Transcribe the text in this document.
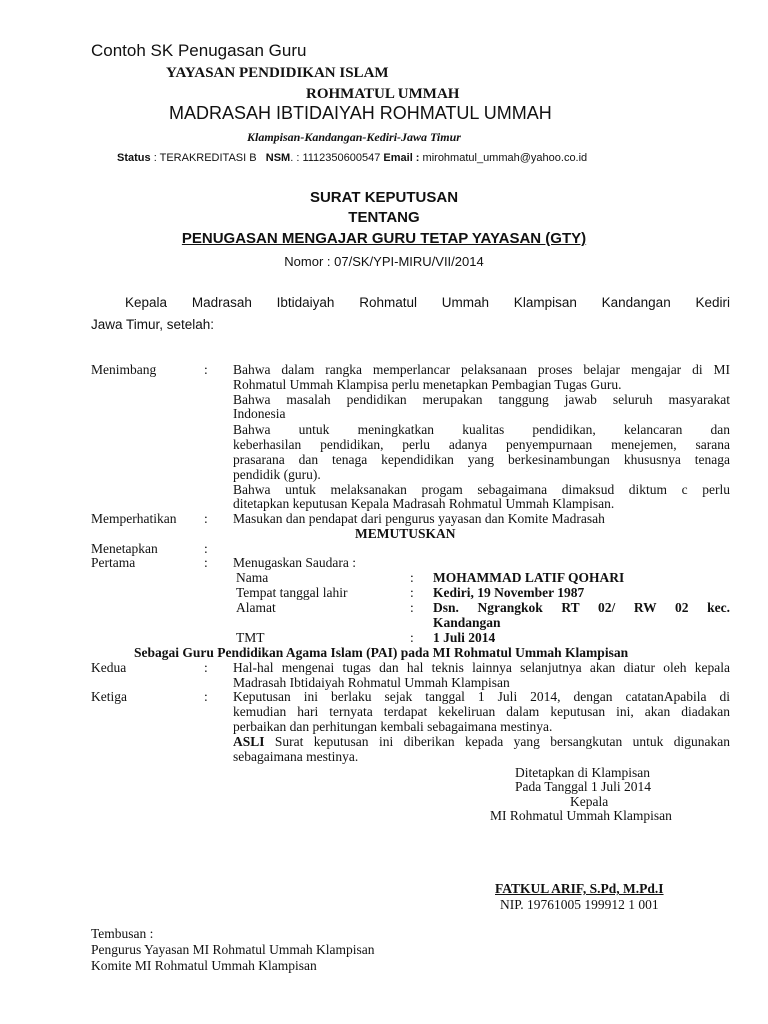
Contoh SK Penugasan Guru
YAYASAN PENDIDIKAN ISLAM
ROHMATUL UMMAH
MADRASAH IBTIDAIYAH ROHMATUL UMMAH
Klampisan-Kandangan-Kediri-Jawa Timur
Status : TERAKREDITASI B NSM. : 1112350600547 Email : mirohmatul_ummah@yahoo.co.id
SURAT KEPUTUSAN
TENTANG
PENUGASAN MENGAJAR GURU TETAP YAYASAN (GTY)
Nomor : 07/SK/YPI-MIRU/VII/2014
Kepala Madrasah Ibtidaiyah Rohmatul Ummah Klampisan Kandangan Kediri
Jawa Timur, setelah:
Menimbang	: Bahwa dalam rangka memperlancar pelaksanaan proses belajar mengajar di MI
Rohmatul Ummah Klampisa perlu menetapkan Pembagian Tugas Guru.
Bahwa masalah pendidikan merupakan tanggung jawab seluruh masyarakat
Indonesia
Bahwa untuk meningkatkan kualitas pendidikan, kelancaran dan
keberhasilan pendidikan, perlu adanya penyempurnaan menejemen, sarana
prasarana dan tenaga kependidikan yang berkesinambungan khususnya tenaga
pendidik (guru).
Bahwa untuk melaksanakan progam sebagaimana dimaksud diktum c perlu
ditetapkan keputusan Kepala Madrasah Rohmatul Ummah Klampisan.
Memperhatikan : Masukan dan pendapat dari pengurus yayasan dan Komite Madrasah
MEMUTUSKAN
Menetapkan	:
Pertama	: Menugaskan Saudara :
Nama	: MOHAMMAD LATIF QOHARI
Tempat tanggal lahir	: Kediri, 19 November 1987
Alamat	: Dsn. Ngrangkok RT 02/ RW 02 kec.
Kandangan
TMT	: 1 Juli 2014
Sebagai Guru Pendidikan Agama Islam (PAI) pada MI Rohmatul Ummah Klampisan
Kedua	: Hal-hal mengenai tugas dan hal teknis lainnya selanjutnya akan diatur oleh kepala
Madrasah Ibtidaiyah Rohmatul Ummah Klampisan
Ketiga	: Keputusan ini berlaku sejak tanggal 1 Juli 2014, dengan catatanApabila di
kemudian hari ternyata terdapat kekeliruan dalam keputusan ini, akan diadakan
perbaikan dan perhitungan kembali sebagaimana mestinya.
ASLI Surat keputusan ini diberikan kepada yang bersangkutan untuk digunakan
sebagaimana mestinya.
Ditetapkan di Klampisan
Pada Tanggal 1 Juli 2014
Kepala
MI Rohmatul Ummah Klampisan
FATKUL ARIF, S.Pd, M.Pd.I
NIP. 19761005 199912 1 001
Tembusan :
Pengurus Yayasan MI Rohmatul Ummah Klampisan
Komite MI Rohmatul Ummah Klampisan
